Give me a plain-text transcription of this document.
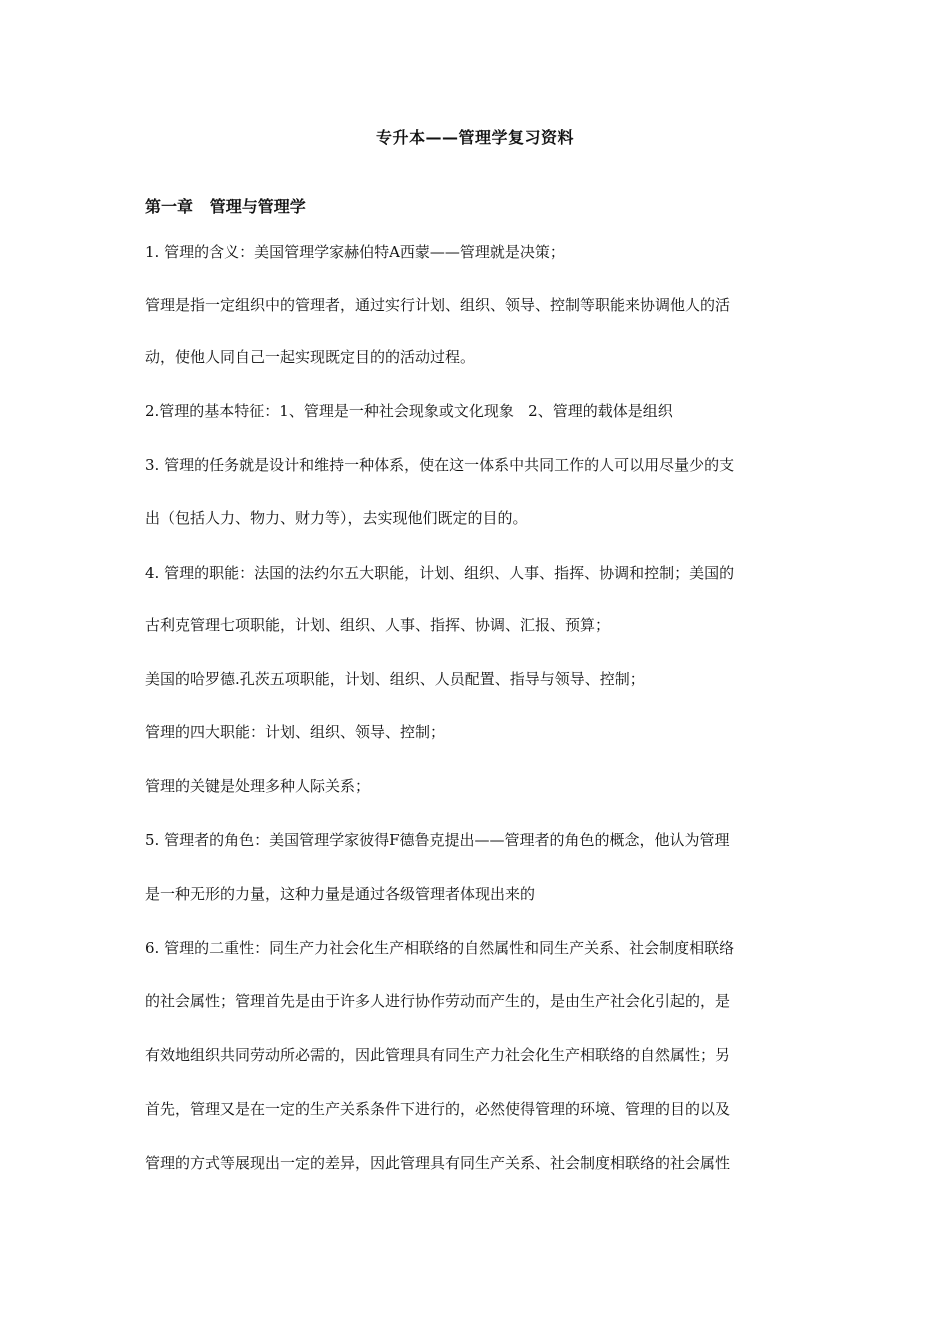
专升本——管理学复习资料
第一章   管理与管理学
1. 管理的含义：美国管理学家赫伯特A西蒙——管理就是决策；
管理是指一定组织中的管理者，通过实行计划、组织、领导、控制等职能来协调他人的活
动，使他人同自己一起实现既定目的的活动过程。
2.管理的基本特征：1、管理是一种社会现象或文化现象   2、管理的载体是组织
3. 管理的任务就是设计和维持一种体系，使在这一体系中共同工作的人可以用尽量少的支
出（包括人力、物力、财力等），去实现他们既定的目的。
4. 管理的职能：法国的法约尔五大职能，计划、组织、人事、指挥、协调和控制；美国的
古利克管理七项职能，计划、组织、人事、指挥、协调、汇报、预算；
美国的哈罗德.孔茨五项职能，计划、组织、人员配置、指导与领导、控制；
管理的四大职能：计划、组织、领导、控制；
管理的关键是处理多种人际关系；
5. 管理者的角色：美国管理学家彼得F德鲁克提出——管理者的角色的概念，他认为管理
是一种无形的力量，这种力量是通过各级管理者体现出来的
6. 管理的二重性：同生产力社会化生产相联络的自然属性和同生产关系、社会制度相联络
的社会属性；管理首先是由于许多人进行协作劳动而产生的，是由生产社会化引起的，是
有效地组织共同劳动所必需的，因此管理具有同生产力社会化生产相联络的自然属性；另
首先，管理又是在一定的生产关系条件下进行的，必然使得管理的环境、管理的目的以及
管理的方式等展现出一定的差异，因此管理具有同生产关系、社会制度相联络的社会属性
